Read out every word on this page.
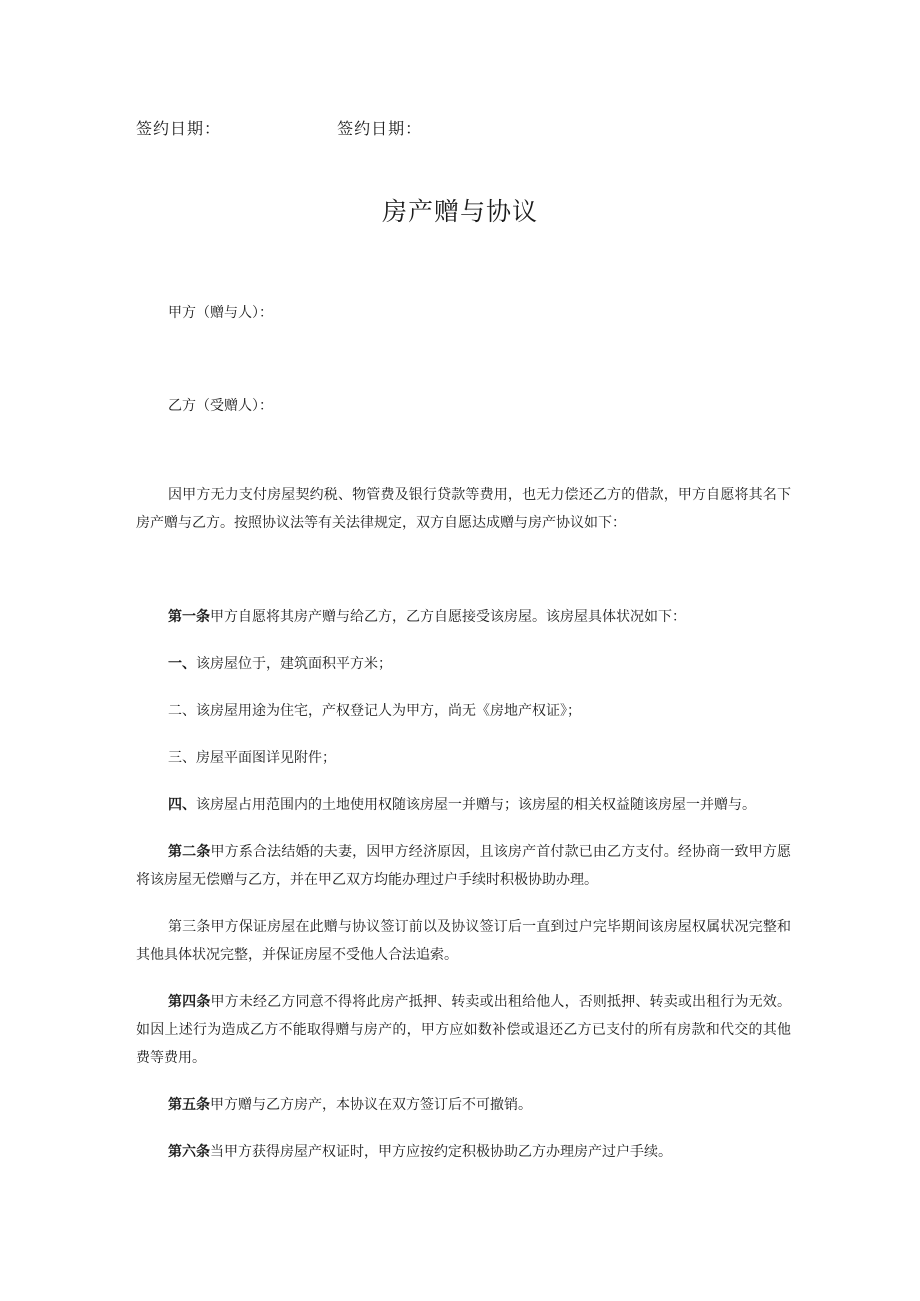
签约日期：	签约日期：
房产赠与协议
甲方（赠与人）：
乙方（受赠人）：

因甲方无力支付房屋契约税、物管费及银行贷款等费用，也无力偿还乙方的借款，甲方自愿将其名下房产赠与乙方。按照协议法等有关法律规定，双方自愿达成赠与房产协议如下：

第一条甲方自愿将其房产赠与给乙方，乙方自愿接受该房屋。该房屋具体状况如下：

一、该房屋位于，建筑面积平方米；

二、该房屋用途为住宅，产权登记人为甲方，尚无《房地产权证》；

三、房屋平面图详见附件；

四、该房屋占用范围内的土地使用权随该房屋一并赠与；该房屋的相关权益随该房屋一并赠与。

第二条甲方系合法结婚的夫妻，因甲方经济原因，且该房产首付款已由乙方支付。经协商一致甲方愿将该房屋无偿赠与乙方，并在甲乙双方均能办理过户手续时积极协助办理。

第三条甲方保证房屋在此赠与协议签订前以及协议签订后一直到过户完毕期间该房屋权属状况完整和其他具体状况完整，并保证房屋不受他人合法追索。

第四条甲方未经乙方同意不得将此房产抵押、转卖或出租给他人，否则抵押、转卖或出租行为无效。如因上述行为造成乙方不能取得赠与房产的，甲方应如数补偿或退还乙方已支付的所有房款和代交的其他费等费用。

第五条甲方赠与乙方房产，本协议在双方签订后不可撤销。

第六条当甲方获得房屋产权证时，甲方应按约定积极协助乙方办理房产过户手续。
